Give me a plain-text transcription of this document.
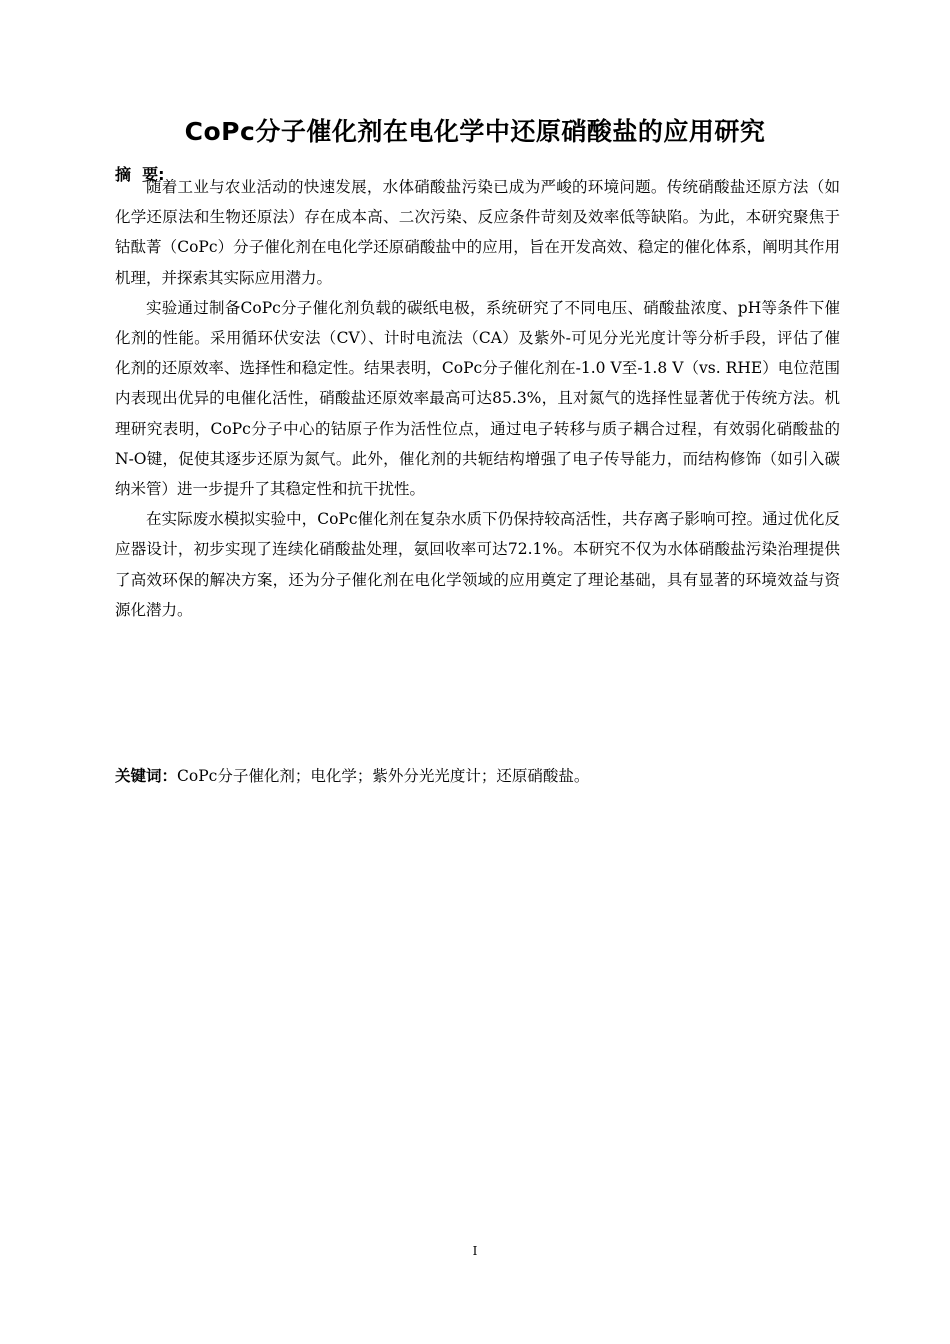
CoPc分子催化剂在电化学中还原硝酸盐的应用研究
摘  要:

随着工业与农业活动的快速发展，水体硝酸盐污染已成为严峻的环境问题。传统硝酸盐还原方法（如化学还原法和生物还原法）存在成本高、二次污染、反应条件苛刻及效率低等缺陷。为此，本研究聚焦于钴酞菁（CoPc）分子催化剂在电化学还原硝酸盐中的应用，旨在开发高效、稳定的催化体系，阐明其作用机理，并探索其实际应用潜力。

实验通过制备CoPc分子催化剂负载的碳纸电极，系统研究了不同电压、硝酸盐浓度、pH等条件下催化剂的性能。采用循环伏安法（CV）、计时电流法（CA）及紫外-可见分光光度计等分析手段，评估了催化剂的还原效率、选择性和稳定性。结果表明，CoPc分子催化剂在-1.0 V至-1.8 V（vs. RHE）电位范围内表现出优异的电催化活性，硝酸盐还原效率最高可达85.3%，且对氮气的选择性显著优于传统方法。机理研究表明，CoPc分子中心的钴原子作为活性位点，通过电子转移与质子耦合过程，有效弱化硝酸盐的N-O键，促使其逐步还原为氮气。此外，催化剂的共轭结构增强了电子传导能力，而结构修饰（如引入碳纳米管）进一步提升了其稳定性和抗干扰性。

在实际废水模拟实验中，CoPc催化剂在复杂水质下仍保持较高活性，共存离子影响可控。通过优化反应器设计，初步实现了连续化硝酸盐处理，氨回收率可达72.1%。本研究不仅为水体硝酸盐污染治理提供了高效环保的解决方案，还为分子催化剂在电化学领域的应用奠定了理论基础，具有显著的环境效益与资源化潜力。

关键词：CoPc分子催化剂；电化学；紫外分光光度计；还原硝酸盐。
I
